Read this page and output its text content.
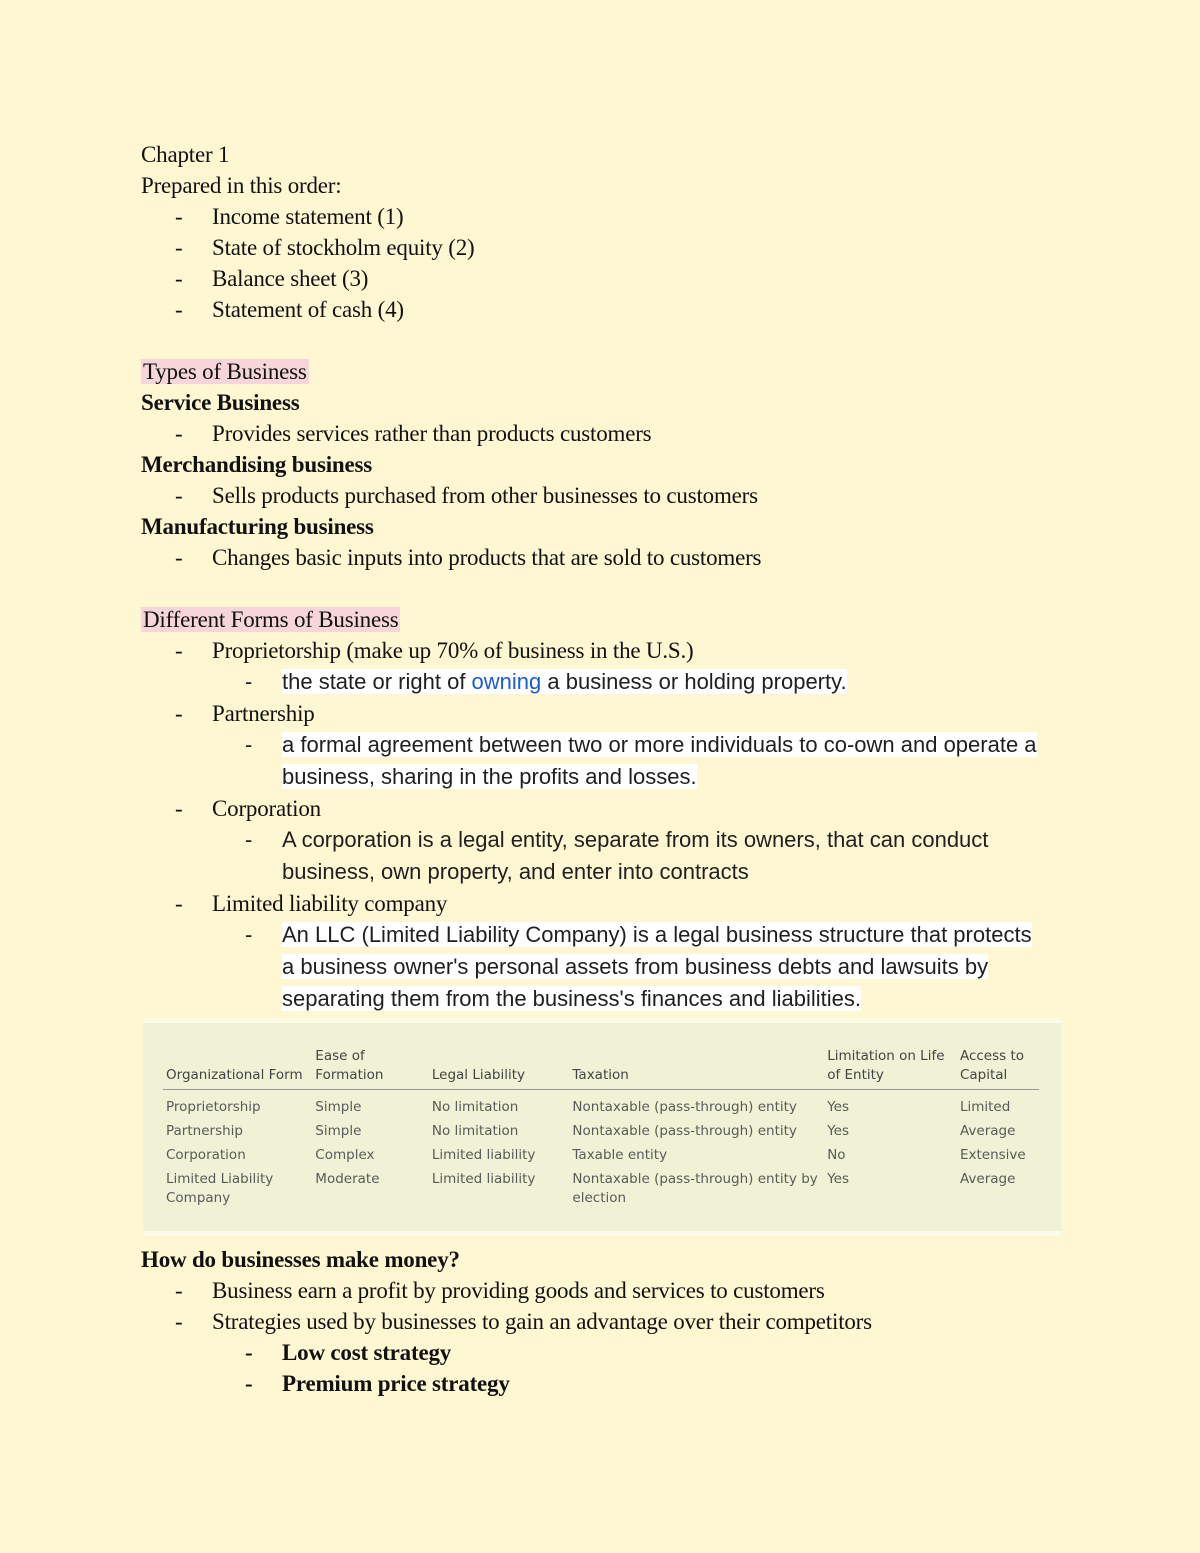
Chapter 1
Prepared in this order:
- Income statement (1)
- State of stockholm equity (2)
- Balance sheet (3)
- Statement of cash (4)
Types of Business
Service Business
- Provides services rather than products customers
Merchandising business
- Sells products purchased from other businesses to customers
Manufacturing business
- Changes basic inputs into products that are sold to customers
Different Forms of Business
- Proprietorship (make up 70% of business in the U.S.)
- the state or right of owning a business or holding property.
- Partnership
- a formal agreement between two or more individuals to co-own and operate a business, sharing in the profits and losses.
- Corporation
- A corporation is a legal entity, separate from its owners, that can conduct business, own property, and enter into contracts
- Limited liability company
- An LLC (Limited Liability Company) is a legal business structure that protects a business owner's personal assets from business debts and lawsuits by separating them from the business's finances and liabilities.
Organizational Form	Ease of Formation	Legal Liability	Taxation	Limitation on Life of Entity	Access to Capital
Proprietorship	Simple	No limitation	Nontaxable (pass-through) entity	Yes	Limited
Partnership	Simple	No limitation	Nontaxable (pass-through) entity	Yes	Average
Corporation	Complex	Limited liability	Taxable entity	No	Extensive
Limited Liability Company	Moderate	Limited liability	Nontaxable (pass-through) entity by election	Yes	Average
How do businesses make money?
- Business earn a profit by providing goods and services to customers
- Strategies used by businesses to gain an advantage over their competitors
- Low cost strategy
- Premium price strategy
